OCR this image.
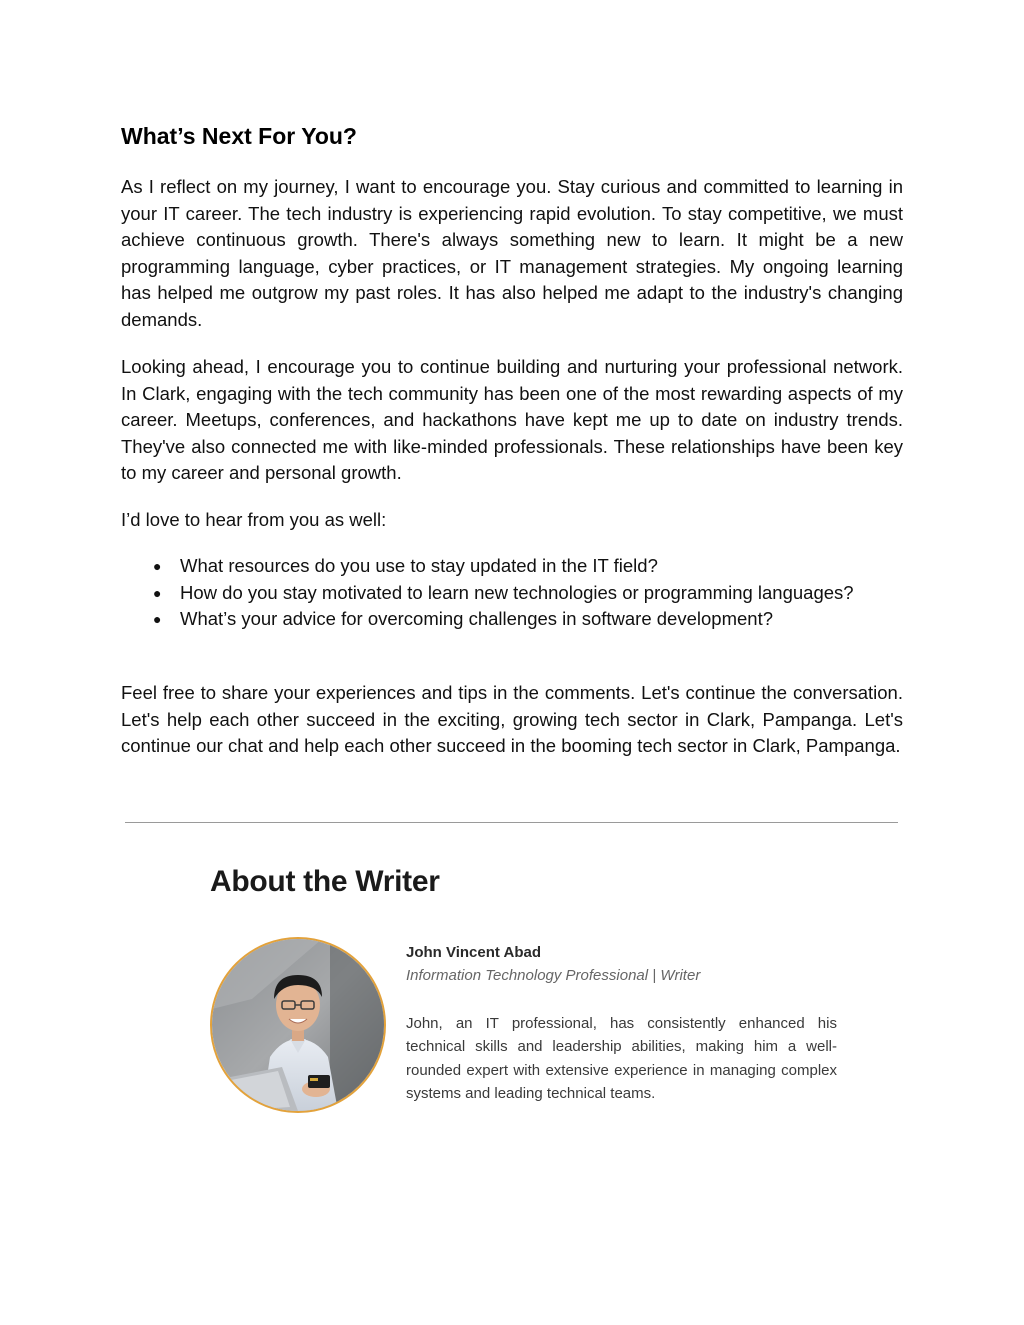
What’s Next For You?

As I reflect on my journey, I want to encourage you. Stay curious and committed to learning in your IT career. The tech industry is experiencing rapid evolution. To stay competitive, we must achieve continuous growth. There's always something new to learn. It might be a new programming language, cyber practices, or IT management strategies. My ongoing learning has helped me outgrow my past roles. It has also helped me adapt to the industry's changing demands.

Looking ahead, I encourage you to continue building and nurturing your professional network. In Clark, engaging with the tech community has been one of the most rewarding aspects of my career. Meetups, conferences, and hackathons have kept me up to date on industry trends. They've also connected me with like-minded professionals. These relationships have been key to my career and personal growth.

I’d love to hear from you as well:

● What resources do you use to stay updated in the IT field?
● How do you stay motivated to learn new technologies or programming languages?
● What’s your advice for overcoming challenges in software development?

Feel free to share your experiences and tips in the comments. Let's continue the conversation. Let's help each other succeed in the exciting, growing tech sector in Clark, Pampanga. Let's continue our chat and help each other succeed in the booming tech sector in Clark, Pampanga.

About the Writer
John Vincent Abad
Information Technology Professional | Writer

John, an IT professional, has consistently enhanced his technical skills and leadership abilities, making him a well-rounded expert with extensive experience in managing complex systems and leading technical teams.
